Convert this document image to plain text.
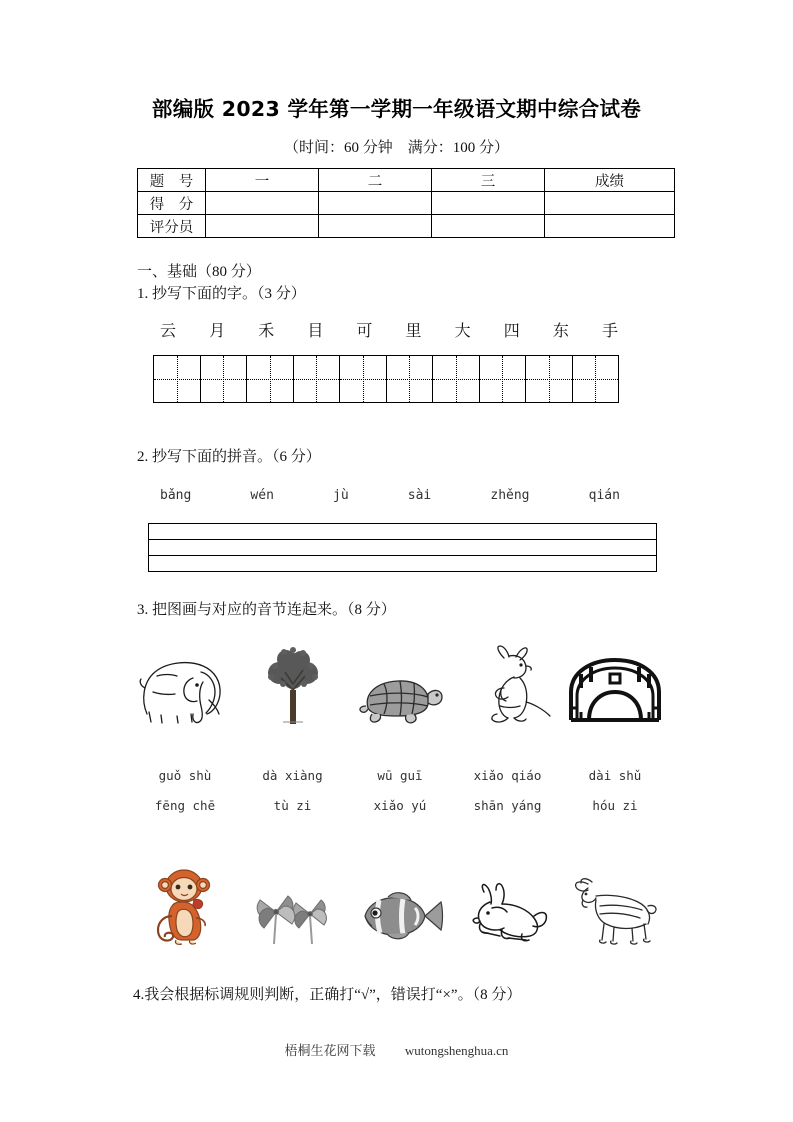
部编版 2023 学年第一学期一年级语文期中综合试卷
（时间：60 分钟　满分：100 分）
题　号	一	二	三	成绩
得　分				
评分员				
一、基础（80 分）
1. 抄写下面的字。（3 分）
云	月	禾	目	可	里	大	四	东	手
2. 抄写下面的拼音。（6 分）
bǎng	wén	jù	sài	zhěng	qián
3. 把图画与对应的音节连起来。（8 分）
guǒ shù	dà xiàng	wū guī	xiǎo qiáo	dài shǔ
fēng chē	tù zi	xiǎo yú	shān yáng	hóu zi
4.我会根据标调规则判断，正确打“√”，错误打“×”。（8 分）
梧桐生花网下载 wutongshenghua.cn
